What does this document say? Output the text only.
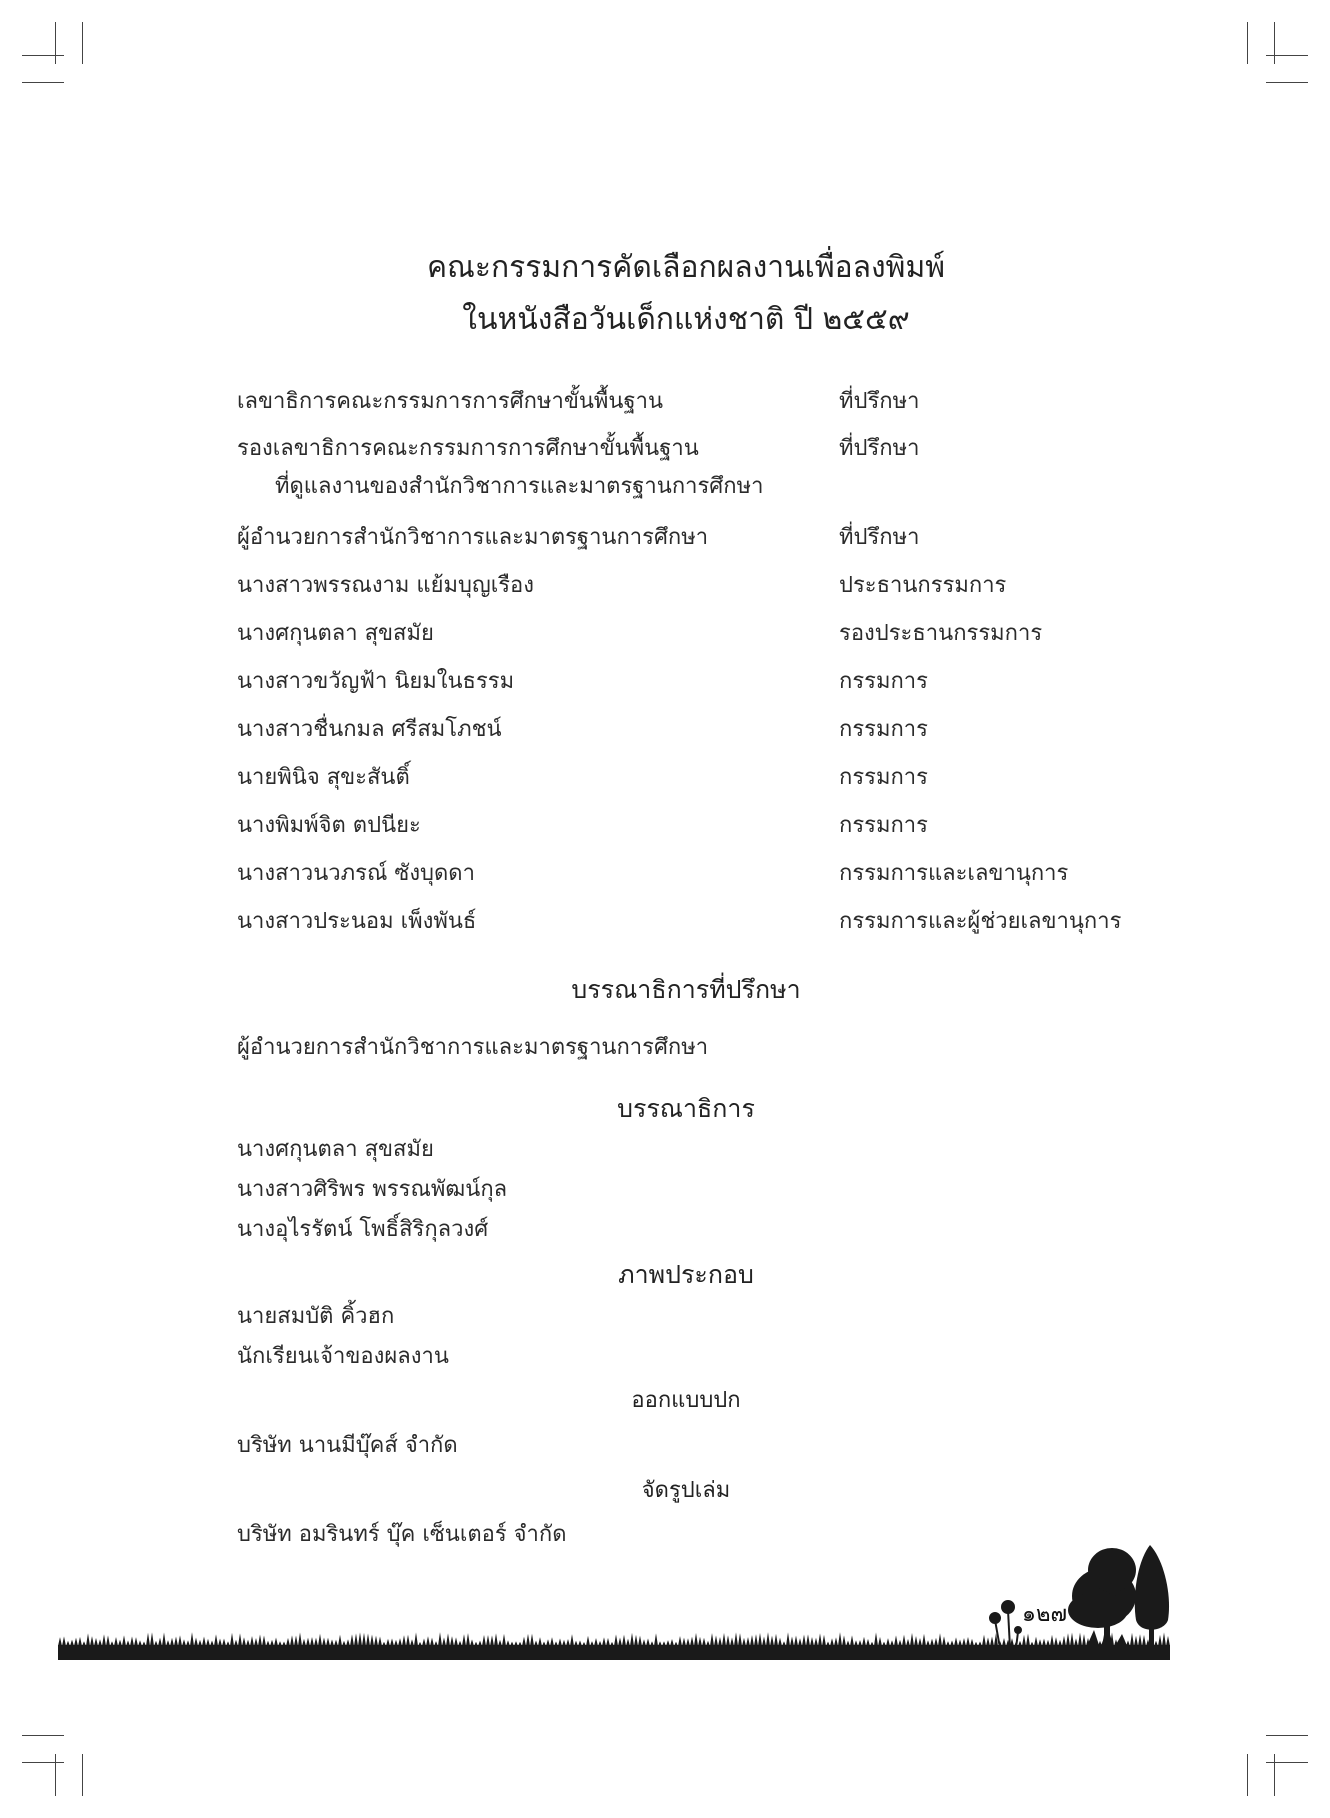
คณะกรรมการคัดเลือกผลงานเพื่อลงพิมพ์
ในหนังสือวันเด็กแห่งชาติ ปี ๒๕๕๙
เลขาธิการคณะกรรมการการศึกษาขั้นพื้นฐาน	ที่ปรึกษา
รองเลขาธิการคณะกรรมการการศึกษาขั้นพื้นฐาน	ที่ปรึกษา
ที่ดูแลงานของสำนักวิชาการและมาตรฐานการศึกษา
ผู้อำนวยการสำนักวิชาการและมาตรฐานการศึกษา	ที่ปรึกษา
นางสาวพรรณงาม แย้มบุญเรือง	ประธานกรรมการ
นางศกุนตลา สุขสมัย	รองประธานกรรมการ
นางสาวขวัญฟ้า นิยมในธรรม	กรรมการ
นางสาวชื่นกมล ศรีสมโภชน์	กรรมการ
นายพินิจ สุขะสันติ์	กรรมการ
นางพิมพ์จิต ตปนียะ	กรรมการ
นางสาวนวภรณ์ ซังบุดดา	กรรมการและเลขานุการ
นางสาวประนอม เพ็งพันธ์	กรรมการและผู้ช่วยเลขานุการ
บรรณาธิการที่ปรึกษา
ผู้อำนวยการสำนักวิชาการและมาตรฐานการศึกษา
บรรณาธิการ
นางศกุนตลา สุขสมัย
นางสาวศิริพร พรรณพัฒน์กุล
นางอุไรรัตน์ โพธิ์สิริกุลวงศ์
ภาพประกอบ
นายสมบัติ คิ้วฮก
นักเรียนเจ้าของผลงาน
ออกแบบปก
บริษัท นานมีบุ๊คส์ จำกัด
จัดรูปเล่ม
บริษัท อมรินทร์ บุ๊ค เซ็นเตอร์ จำกัด
๑๒๗
